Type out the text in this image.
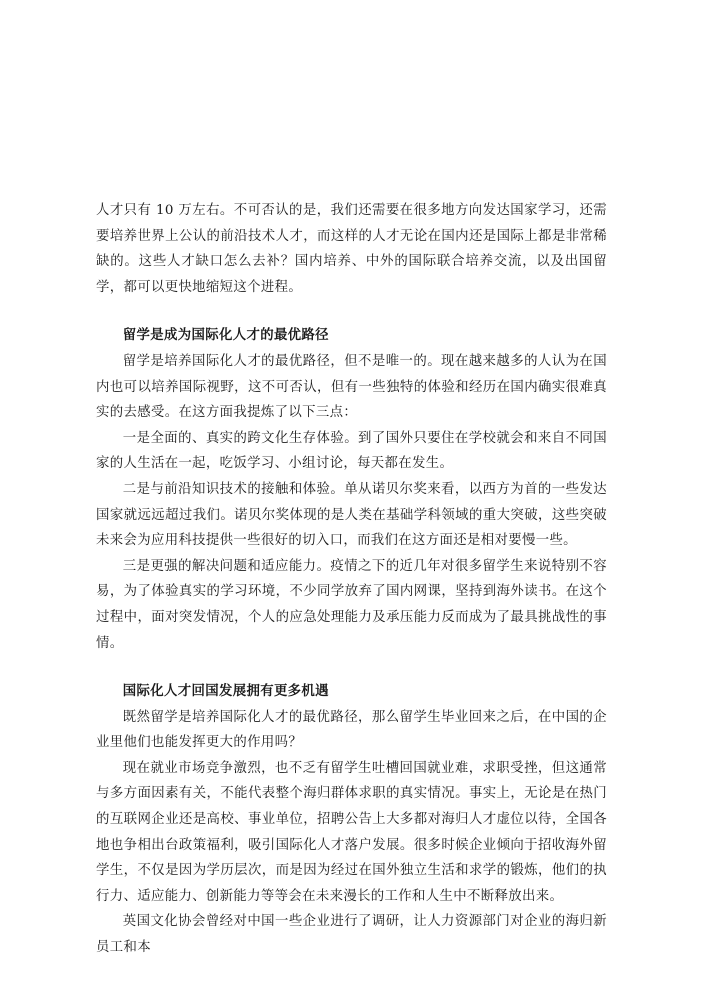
人才只有 10 万左右。不可否认的是，我们还需要在很多地方向发达国家学习，还需要培养世界上公认的前沿技术人才，而这样的人才无论在国内还是国际上都是非常稀缺的。这些人才缺口怎么去补？国内培养、中外的国际联合培养交流，以及出国留学，都可以更快地缩短这个进程。

留学是成为国际化人才的最优路径

留学是培养国际化人才的最优路径，但不是唯一的。现在越来越多的人认为在国内也可以培养国际视野，这不可否认，但有一些独特的体验和经历在国内确实很难真实的去感受。在这方面我提炼了以下三点：

一是全面的、真实的跨文化生存体验。到了国外只要住在学校就会和来自不同国家的人生活在一起，吃饭学习、小组讨论，每天都在发生。

二是与前沿知识技术的接触和体验。单从诺贝尔奖来看，以西方为首的一些发达国家就远远超过我们。诺贝尔奖体现的是人类在基础学科领域的重大突破，这些突破未来会为应用科技提供一些很好的切入口，而我们在这方面还是相对要慢一些。

三是更强的解决问题和适应能力。疫情之下的近几年对很多留学生来说特别不容易，为了体验真实的学习环境，不少同学放弃了国内网课，坚持到海外读书。在这个过程中，面对突发情况，个人的应急处理能力及承压能力反而成为了最具挑战性的事情。

国际化人才回国发展拥有更多机遇

既然留学是培养国际化人才的最优路径，那么留学生毕业回来之后，在中国的企业里他们也能发挥更大的作用吗？

现在就业市场竞争激烈，也不乏有留学生吐槽回国就业难，求职受挫，但这通常与多方面因素有关，不能代表整个海归群体求职的真实情况。事实上，无论是在热门的互联网企业还是高校、事业单位，招聘公告上大多都对海归人才虚位以待，全国各地也争相出台政策福利，吸引国际化人才落户发展。很多时候企业倾向于招收海外留学生，不仅是因为学历层次，而是因为经过在国外独立生活和求学的锻炼，他们的执行力、适应能力、创新能力等等会在未来漫长的工作和人生中不断释放出来。

英国文化协会曾经对中国一些企业进行了调研，让人力资源部门对企业的海归新员工和本
